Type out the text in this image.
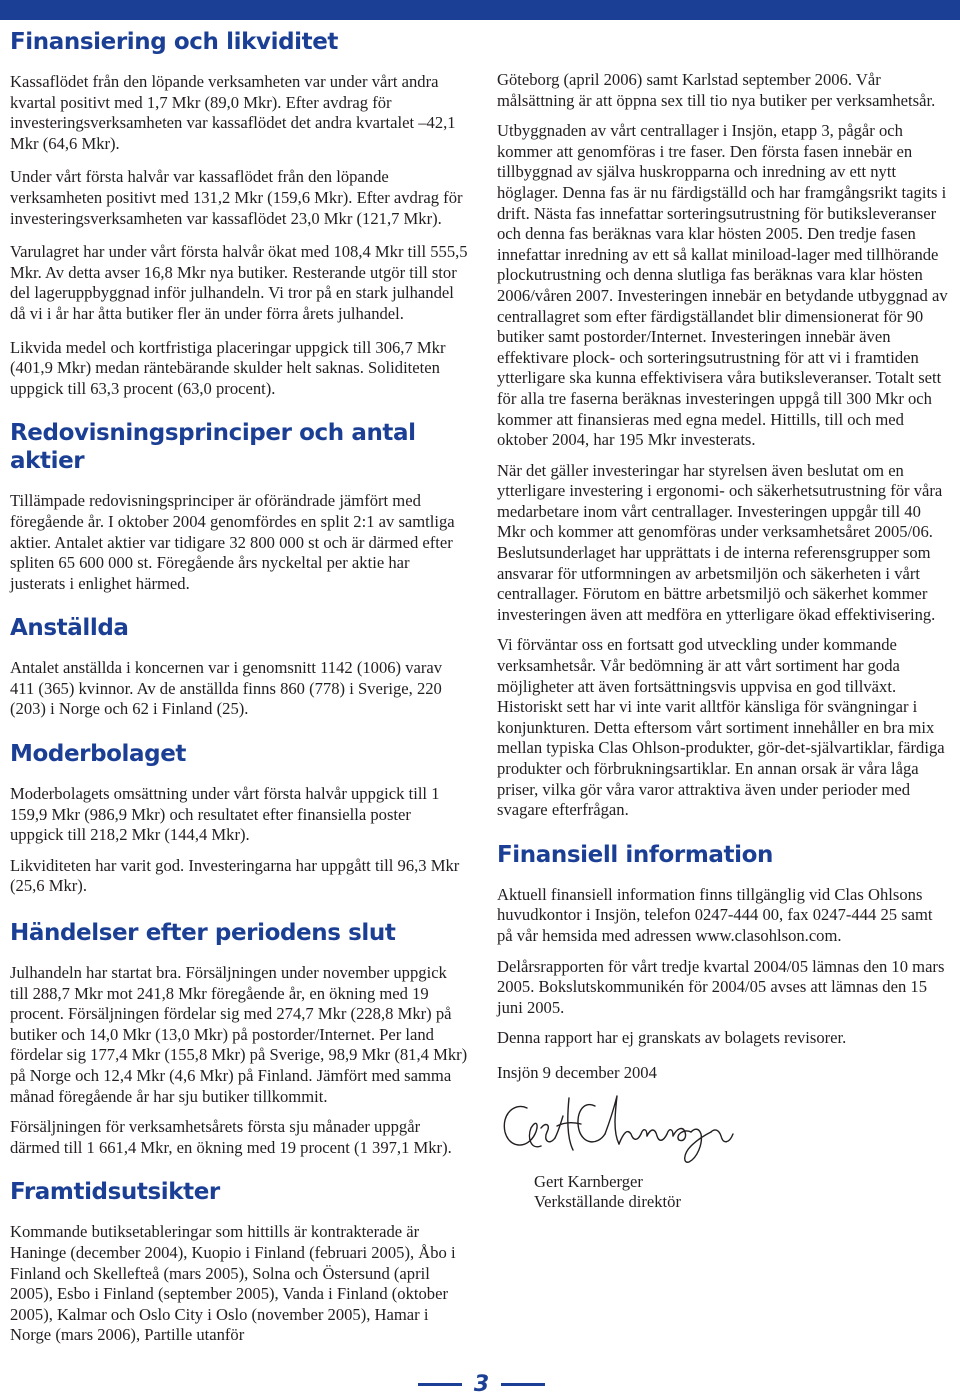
Finansiering och likviditet

Kassaflödet från den löpande verksamheten var under vårt andra kvartal positivt med 1,7 Mkr (89,0 Mkr). Efter avdrag för investeringsverksamheten var kassaflödet det andra kvartalet –42,1 Mkr (64,6 Mkr).

Under vårt första halvår var kassaflödet från den löpande verksamheten positivt med 131,2 Mkr (159,6 Mkr). Efter avdrag för investeringsverksamheten var kassaflödet 23,0 Mkr (121,7 Mkr).

Varulagret har under vårt första halvår ökat med 108,4 Mkr till 555,5 Mkr. Av detta avser 16,8 Mkr nya butiker. Resterande utgör till stor del lageruppbyggnad inför julhandeln. Vi tror på en stark julhandel då vi i år har åtta butiker fler än under förra årets julhandel.

Likvida medel och kortfristiga placeringar uppgick till 306,7 Mkr (401,9 Mkr) medan räntebärande skulder helt saknas. Soliditeten uppgick till 63,3 procent (63,0 procent).

Redovisningsprinciper och antal aktier

Tillämpade redovisningsprinciper är oförändrade jämfört med föregående år. I oktober 2004 genomfördes en split 2:1 av samtliga aktier. Antalet aktier var tidigare 32 800 000 st och är därmed efter spliten 65 600 000 st. Föregående års nyckeltal per aktie har justerats i enlighet härmed.

Anställda

Antalet anställda i koncernen var i genomsnitt 1142 (1006) varav 411 (365) kvinnor. Av de anställda finns 860 (778) i Sverige, 220 (203) i Norge och 62 i Finland (25).

Moderbolaget

Moderbolagets omsättning under vårt första halvår uppgick till 1 159,9 Mkr (986,9 Mkr) och resultatet efter finansiella poster uppgick till 218,2 Mkr (144,4 Mkr).

Likviditeten har varit god. Investeringarna har uppgått till 96,3 Mkr (25,6 Mkr).

Händelser efter periodens slut

Julhandeln har startat bra. Försäljningen under november uppgick till 288,7 Mkr mot 241,8 Mkr föregående år, en ökning med 19 procent. Försäljningen fördelar sig med 274,7 Mkr (228,8 Mkr) på butiker och 14,0 Mkr (13,0 Mkr) på postorder/Internet. Per land fördelar sig 177,4 Mkr (155,8 Mkr) på Sverige, 98,9 Mkr (81,4 Mkr) på Norge och 12,4 Mkr (4,6 Mkr) på Finland. Jämfört med samma månad föregående år har sju butiker tillkommit.

Försäljningen för verksamhetsårets första sju månader uppgår därmed till 1 661,4 Mkr, en ökning med 19 procent (1 397,1 Mkr).

Framtidsutsikter

Kommande butiksetableringar som hittills är kontrakterade är Haninge (december 2004), Kuopio i Finland (februari 2005), Åbo i Finland och Skellefteå (mars 2005), Solna och Östersund (april 2005), Esbo i Finland (september 2005), Vanda i Finland (oktober 2005), Kalmar och Oslo City i Oslo (november 2005), Hamar i Norge (mars 2006), Partille utanför

Göteborg (april 2006) samt Karlstad september 2006. Vår målsättning är att öppna sex till tio nya butiker per verksamhetsår.

Utbyggnaden av vårt centrallager i Insjön, etapp 3, pågår och kommer att genomföras i tre faser. Den första fasen innebär en tillbyggnad av själva huskropparna och inredning av ett nytt höglager. Denna fas är nu färdigställd och har framgångsrikt tagits i drift. Nästa fas innefattar sorteringsutrustning för butiksleveranser och denna fas beräknas vara klar hösten 2005. Den tredje fasen innefattar inredning av ett så kallat miniload-lager med tillhörande plockutrustning och denna slutliga fas beräknas vara klar hösten 2006/våren 2007. Investeringen innebär en betydande utbyggnad av centrallagret som efter färdigställandet blir dimensionerat för 90 butiker samt postorder/Internet. Investeringen innebär även effektivare plock- och sorteringsutrustning för att vi i framtiden ytterligare ska kunna effektivisera våra butiksleveranser. Totalt sett för alla tre faserna beräknas investeringen uppgå till 300 Mkr och kommer att finansieras med egna medel. Hittills, till och med oktober 2004, har 195 Mkr investerats.

När det gäller investeringar har styrelsen även beslutat om en ytterligare investering i ergonomi- och säkerhetsutrustning för våra medarbetare inom vårt centrallager. Investeringen uppgår till 40 Mkr och kommer att genomföras under verksamhetsåret 2005/06. Beslutsunderlaget har upprättats i de interna referensgrupper som ansvarar för utformningen av arbetsmiljön och säkerheten i vårt centrallager. Förutom en bättre arbetsmiljö och säkerhet kommer investeringen även att medföra en ytterligare ökad effektivisering.

Vi förväntar oss en fortsatt god utveckling under kommande verksamhetsår. Vår bedömning är att vårt sortiment har goda möjligheter att även fortsättningsvis uppvisa en god tillväxt. Historiskt sett har vi inte varit alltför känsliga för svängningar i konjunkturen. Detta eftersom vårt sortiment innehåller en bra mix mellan typiska Clas Ohlson-produkter, gör-det-självartiklar, färdiga produkter och förbrukningsartiklar. En annan orsak är våra låga priser, vilka gör våra varor attraktiva även under perioder med svagare efterfrågan.

Finansiell information

Aktuell finansiell information finns tillgänglig vid Clas Ohlsons huvudkontor i Insjön, telefon 0247-444 00, fax 0247-444 25 samt på vår hemsida med adressen www.clasohlson.com.

Delårsrapporten för vårt tredje kvartal 2004/05 lämnas den 10 mars 2005. Bokslutskommunikén för 2004/05 avses att lämnas den 15 juni 2005.

Denna rapport har ej granskats av bolagets revisorer.

Insjön 9 december 2004

Gert Karnberger

Verkställande direktör

3
